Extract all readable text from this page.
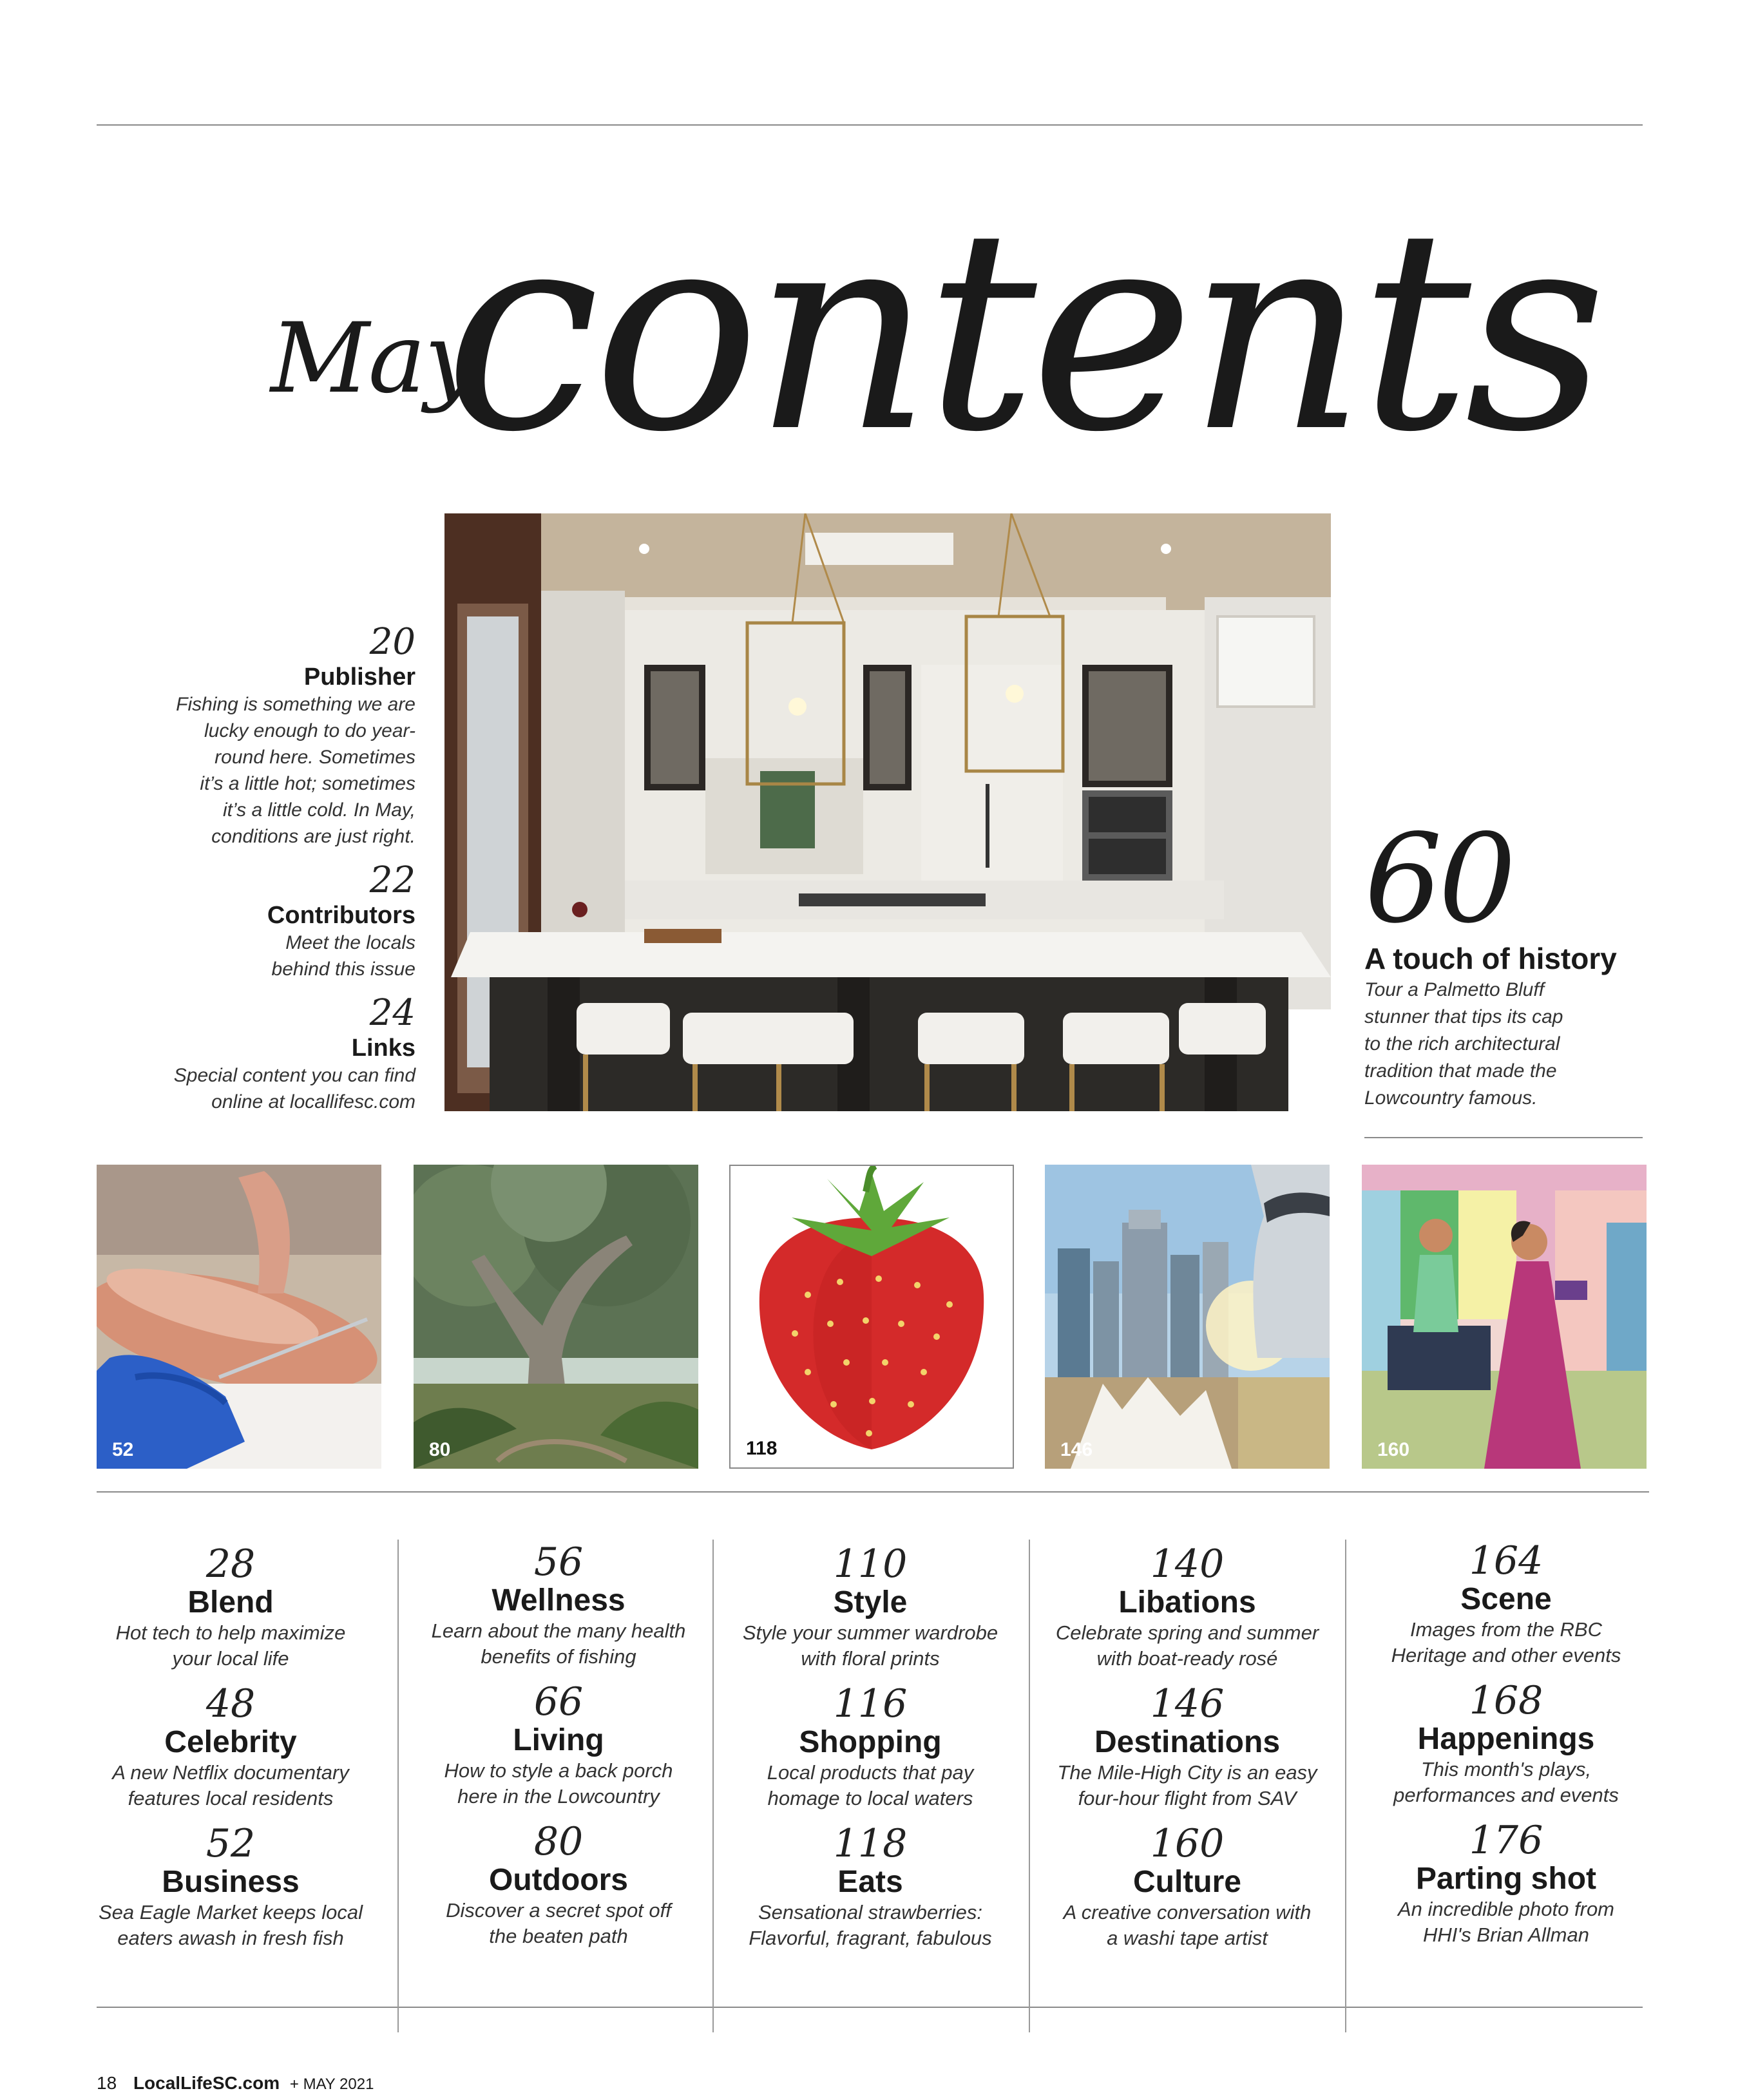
May
contents
20
Publisher
Fishing is something we are
lucky enough to do year-
round here. Sometimes
it’s a little hot; sometimes
it’s a little cold. In May,
conditions are just right.
22
Contributors
Meet the locals
behind this issue
24
Links
Special content you can find
online at locallifesc.com
60
A touch of history
Tour a Palmetto Bluff
stunner that tips its cap
to the rich architectural
tradition that made the
Lowcountry famous.
52	80	118	146	160
28
Blend
Hot tech to help maximize
your local life
48
Celebrity
A new Netflix documentary
features local residents
52
Business
Sea Eagle Market keeps local
eaters awash in fresh fish
56
Wellness
Learn about the many health
benefits of fishing
66
Living
How to style a back porch
here in the Lowcountry
80
Outdoors
Discover a secret spot off
the beaten path
110
Style
Style your summer wardrobe
with floral prints
116
Shopping
Local products that pay
homage to local waters
118
Eats
Sensational strawberries:
Flavorful, fragrant, fabulous
140
Libations
Celebrate spring and summer
with boat-ready rosé
146
Destinations
The Mile-High City is an easy
four-hour flight from SAV
160
Culture
A creative conversation with
a washi tape artist
164
Scene
Images from the RBC
Heritage and other events
168
Happenings
This month's plays,
performances and events
176
Parting shot
An incredible photo from
HHI's Brian Allman
18 LocalLifeSC.com + MAY 2021
